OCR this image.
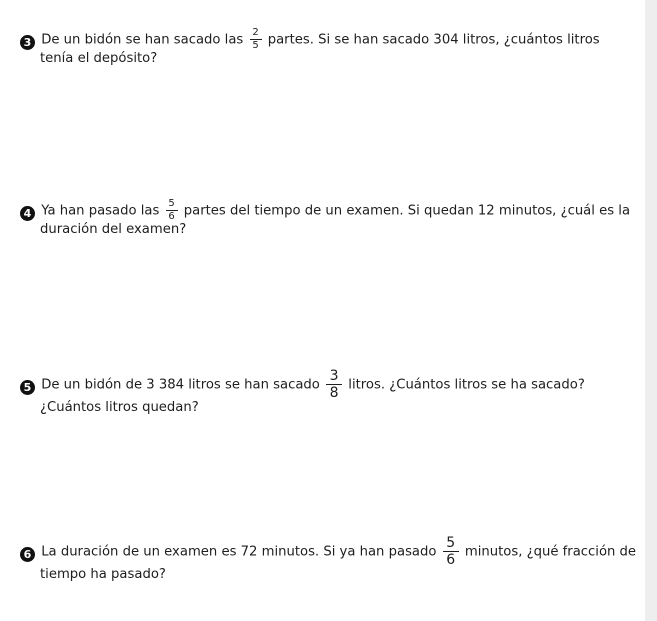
3 De un bidón se han sacado las $\frac{2}{5}$ partes. Si se han sacado 304 litros, ¿cuántos litros
tenía el depósito?
4 Ya han pasado las $\frac{5}{6}$ partes del tiempo de un examen. Si quedan 12 minutos, ¿cuál es la
duración del examen?
5 De un bidón de 3 384 litros se han sacado $\frac{3}{8}$ litros. ¿Cuántos litros se ha sacado?
¿Cuántos litros quedan?
6 La duración de un examen es 72 minutos. Si ya han pasado $\frac{5}{6}$ minutos, ¿qué fracción de
tiempo ha pasado?
